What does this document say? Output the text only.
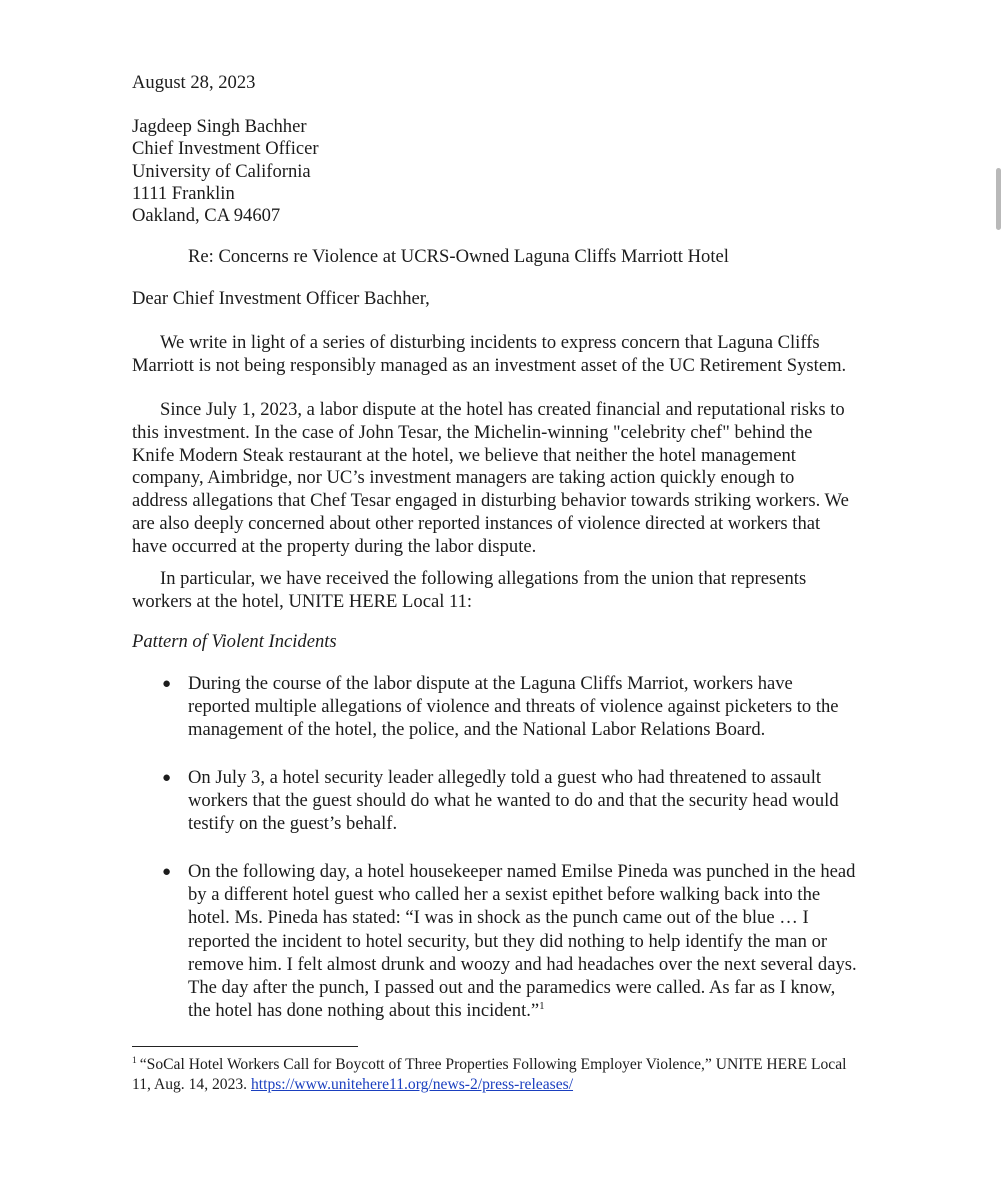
August 28, 2023
Jagdeep Singh Bachher
Chief Investment Officer
University of California
1111 Franklin
Oakland, CA 94607
Re: Concerns re Violence at UCRS-Owned Laguna Cliffs Marriott Hotel
Dear Chief Investment Officer Bachher,
We write in light of a series of disturbing incidents to express concern that Laguna Cliffs
Marriott is not being responsibly managed as an investment asset of the UC Retirement System.
Since July 1, 2023, a labor dispute at the hotel has created financial and reputational risks to
this investment. In the case of John Tesar, the Michelin-winning "celebrity chef" behind the
Knife Modern Steak restaurant at the hotel, we believe that neither the hotel management
company, Aimbridge, nor UC’s investment managers are taking action quickly enough to
address allegations that Chef Tesar engaged in disturbing behavior towards striking workers. We
are also deeply concerned about other reported instances of violence directed at workers that
have occurred at the property during the labor dispute.
In particular, we have received the following allegations from the union that represents
workers at the hotel, UNITE HERE Local 11:
Pattern of Violent Incidents
● During the course of the labor dispute at the Laguna Cliffs Marriot, workers have
reported multiple allegations of violence and threats of violence against picketers to the
management of the hotel, the police, and the National Labor Relations Board.
● On July 3, a hotel security leader allegedly told a guest who had threatened to assault
workers that the guest should do what he wanted to do and that the security head would
testify on the guest’s behalf.
● On the following day, a hotel housekeeper named Emilse Pineda was punched in the head
by a different hotel guest who called her a sexist epithet before walking back into the
hotel. Ms. Pineda has stated: “I was in shock as the punch came out of the blue … I
reported the incident to hotel security, but they did nothing to help identify the man or
remove him. I felt almost drunk and woozy and had headaches over the next several days.
The day after the punch, I passed out and the paramedics were called. As far as I know,
the hotel has done nothing about this incident.”$^1$
$^1$ “SoCal Hotel Workers Call for Boycott of Three Properties Following Employer Violence,” UNITE HERE Local
11, Aug. 14, 2023. https://www.unitehere11.org/news-2/press-releases/
